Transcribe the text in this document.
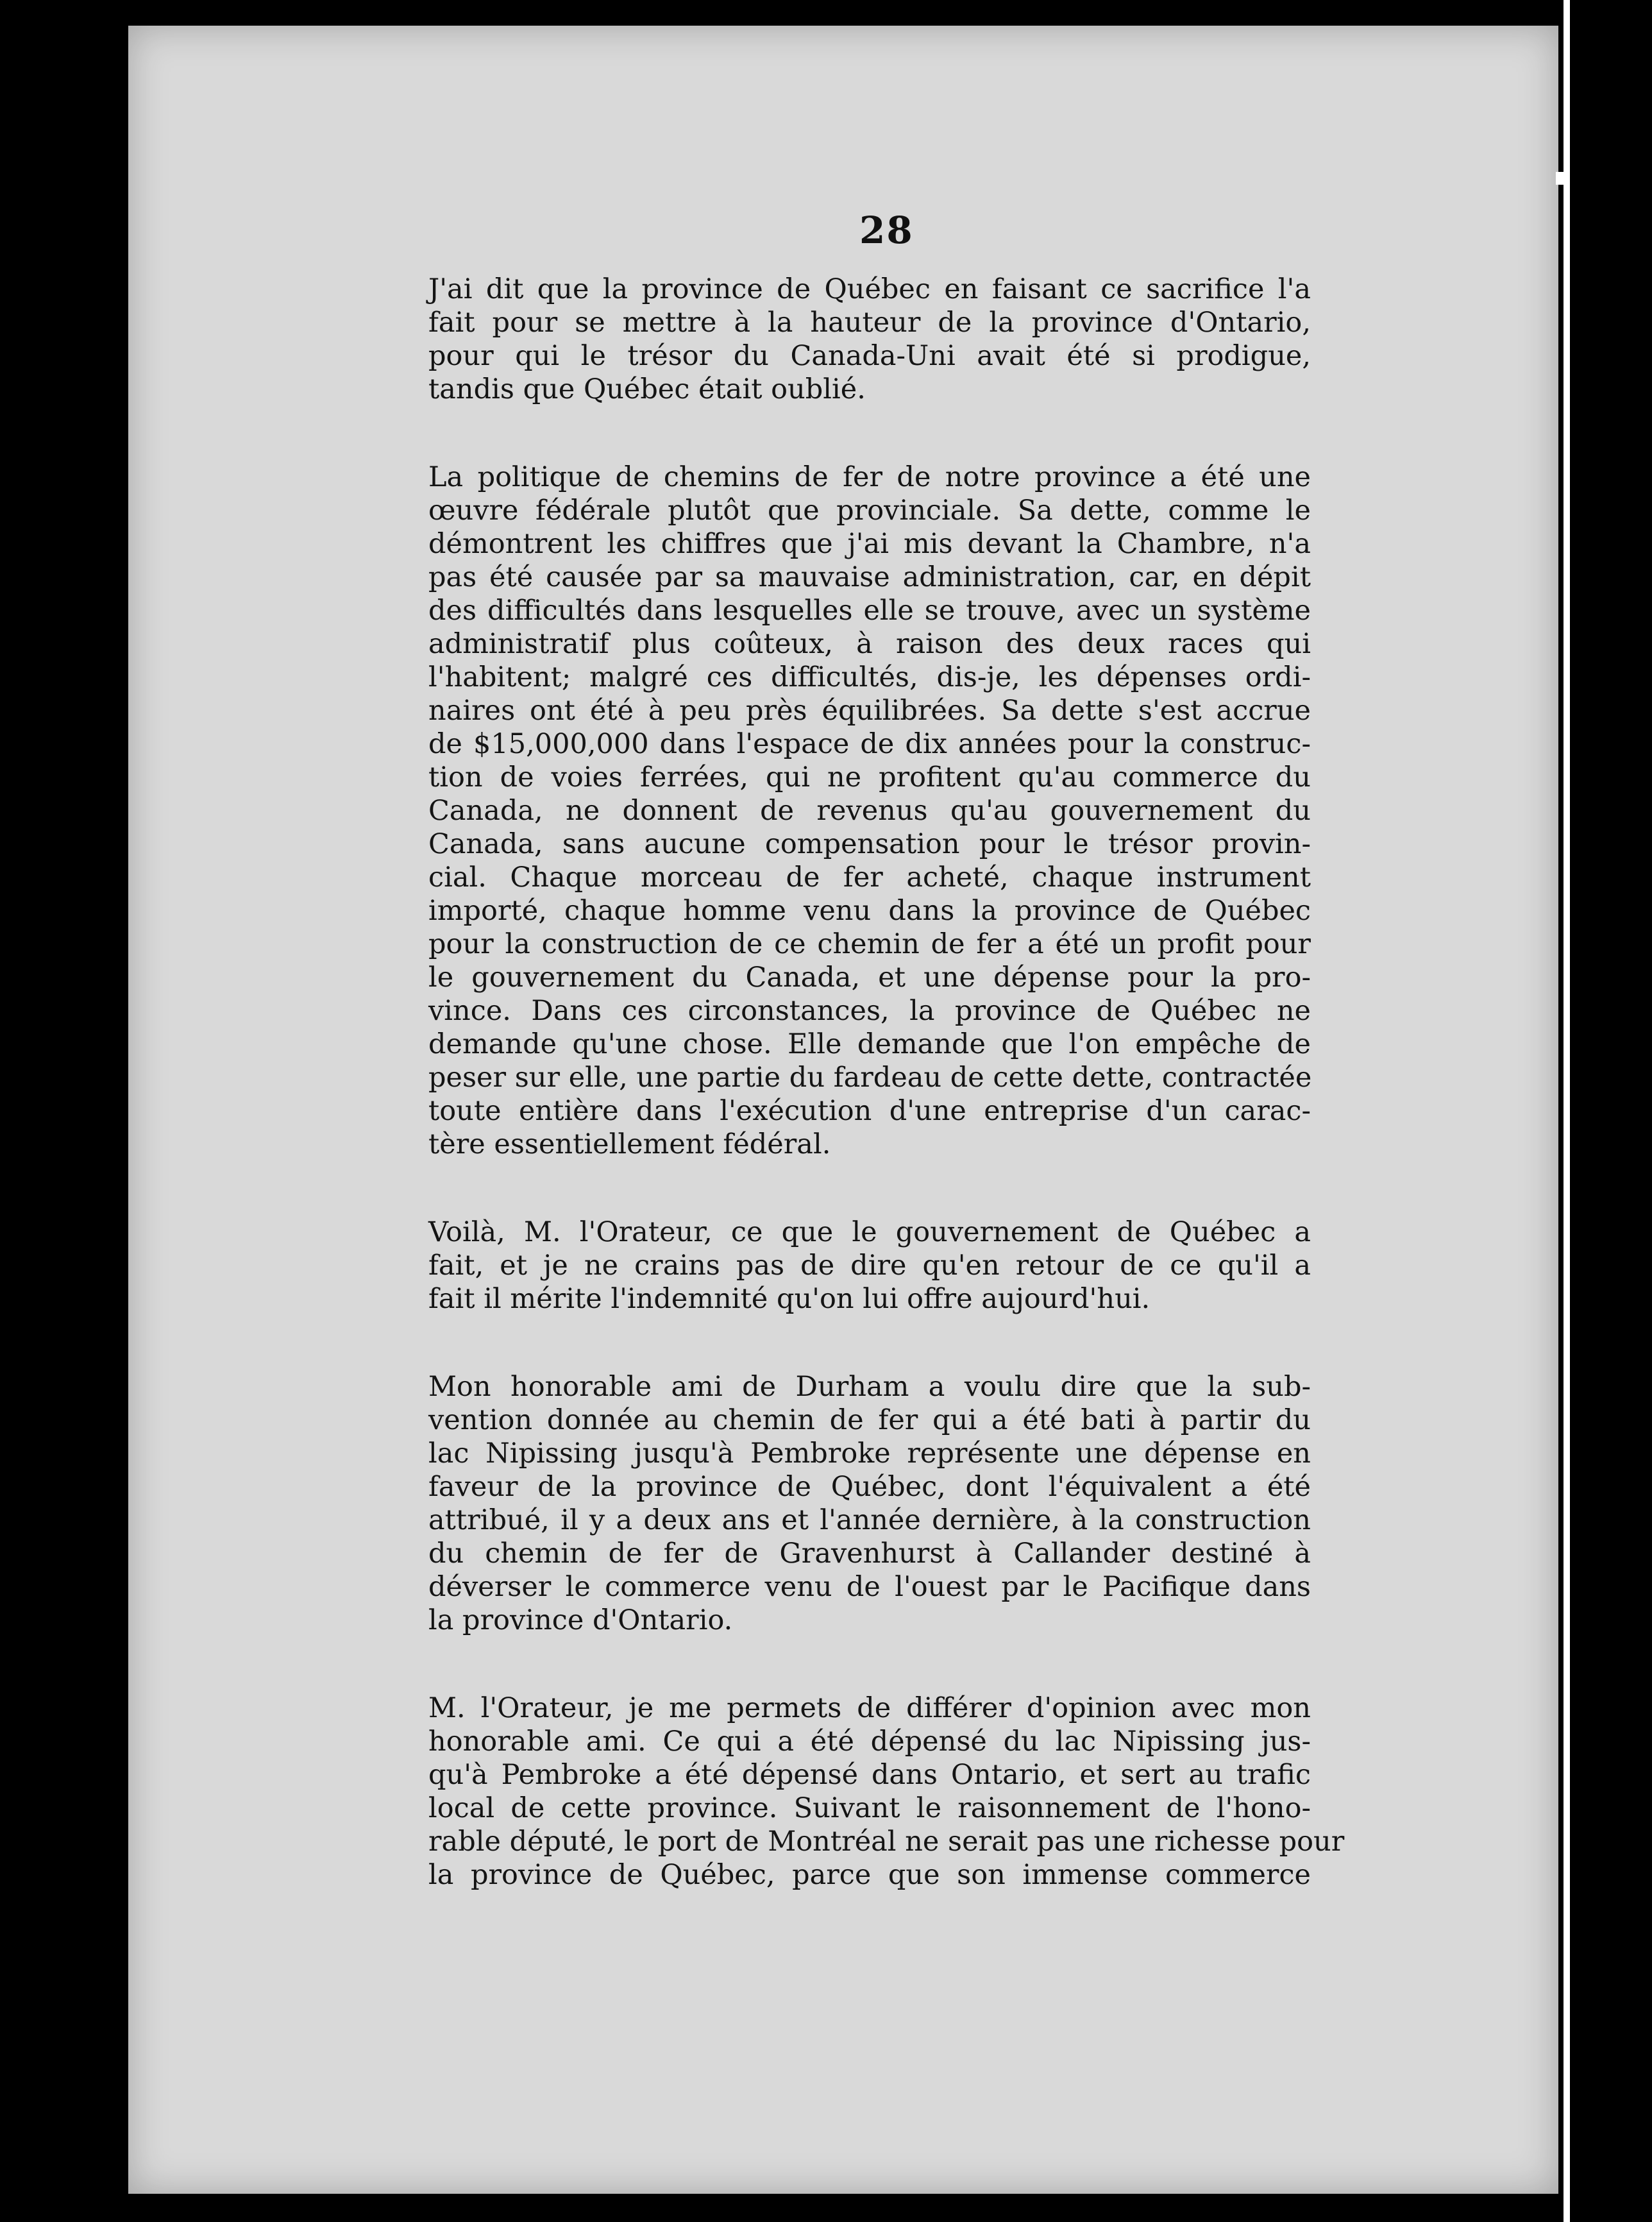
28

J'ai dit que la province de Québec en faisant ce sacrifice l'a
fait pour se mettre à la hauteur de la province d'Ontario,
pour qui le trésor du Canada-Uni avait été si prodigue,
tandis que Québec était oublié.

La politique de chemins de fer de notre province a été une
œuvre fédérale plutôt que provinciale. Sa dette, comme le
démontrent les chiffres que j'ai mis devant la Chambre, n'a
pas été causée par sa mauvaise administration, car, en dépit
des difficultés dans lesquelles elle se trouve, avec un système
administratif plus coûteux, à raison des deux races qui
l'habitent; malgré ces difficultés, dis-je, les dépenses ordi-
naires ont été à peu près équilibrées. Sa dette s'est accrue
de $15,000,000 dans l'espace de dix années pour la construc-
tion de voies ferrées, qui ne profitent qu'au commerce du
Canada, ne donnent de revenus qu'au gouvernement du
Canada, sans aucune compensation pour le trésor provin-
cial. Chaque morceau de fer acheté, chaque instrument
importé, chaque homme venu dans la province de Québec
pour la construction de ce chemin de fer a été un profit pour
le gouvernement du Canada, et une dépense pour la pro-
vince. Dans ces circonstances, la province de Québec ne
demande qu'une chose. Elle demande que l'on empêche de
peser sur elle, une partie du fardeau de cette dette, contractée
toute entière dans l'exécution d'une entreprise d'un carac-
tère essentiellement fédéral.

Voilà, M. l'Orateur, ce que le gouvernement de Québec a
fait, et je ne crains pas de dire qu'en retour de ce qu'il a
fait il mérite l'indemnité qu'on lui offre aujourd'hui.

Mon honorable ami de Durham a voulu dire que la sub-
vention donnée au chemin de fer qui a été bati à partir du
lac Nipissing jusqu'à Pembroke représente une dépense en
faveur de la province de Québec, dont l'équivalent a été
attribué, il y a deux ans et l'année dernière, à la construction
du chemin de fer de Gravenhurst à Callander destiné à
déverser le commerce venu de l'ouest par le Pacifique dans
la province d'Ontario.

M. l'Orateur, je me permets de différer d'opinion avec mon
honorable ami. Ce qui a été dépensé du lac Nipissing jus-
qu'à Pembroke a été dépensé dans Ontario, et sert au trafic
local de cette province. Suivant le raisonnement de l'hono-
rable député, le port de Montréal ne serait pas une richesse pour
la province de Québec, parce que son immense commerce
